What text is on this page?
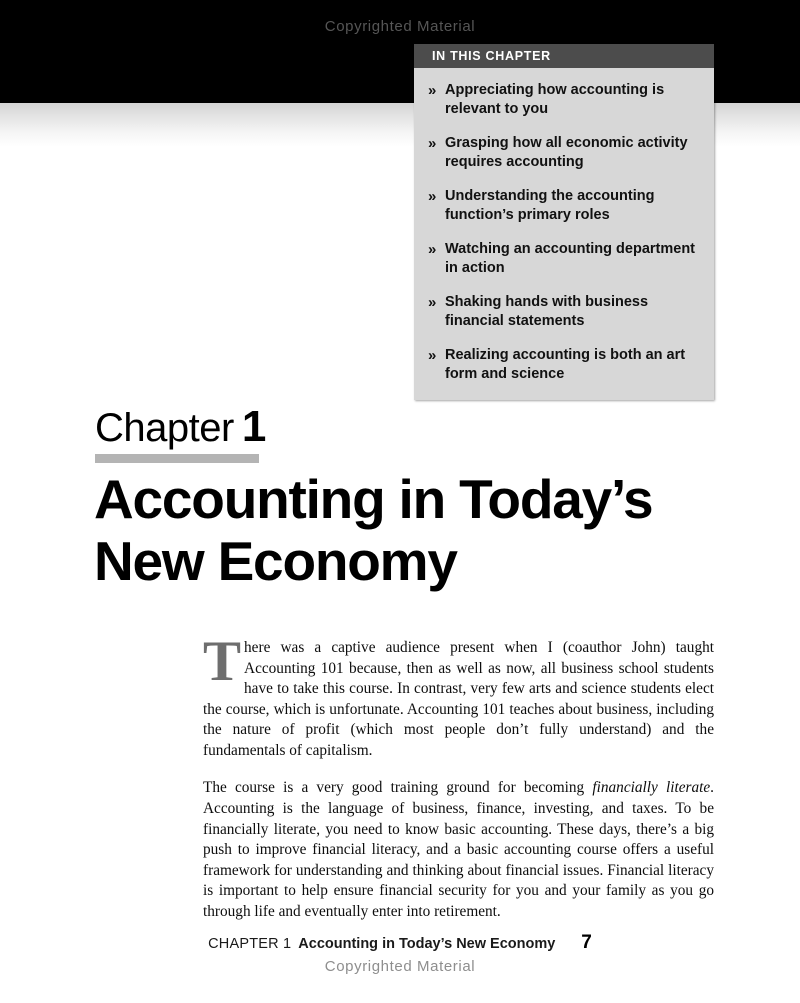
Copyrighted Material
IN THIS CHAPTER
» Appreciating how accounting is relevant to you
» Grasping how all economic activity requires accounting
» Understanding the accounting function’s primary roles
» Watching an accounting department in action
» Shaking hands with business financial statements
» Realizing accounting is both an art form and science
Chapter 1
Accounting in Today’s New Economy

There was a captive audience present when I (coauthor John) taught Accounting 101 because, then as well as now, all business school students have to take this course. In contrast, very few arts and science students elect the course, which is unfortunate. Accounting 101 teaches about business, including the nature of profit (which most people don’t fully understand) and the fundamentals of capitalism.

The course is a very good training ground for becoming financially literate. Accounting is the language of business, finance, investing, and taxes. To be financially literate, you need to know basic accounting. These days, there’s a big push to improve financial literacy, and a basic accounting course offers a useful framework for understanding and thinking about financial issues. Financial literacy is important to help ensure financial security for you and your family as you go through life and eventually enter into retirement.

CHAPTER 1 Accounting in Today’s New Economy 7
Copyrighted Material
